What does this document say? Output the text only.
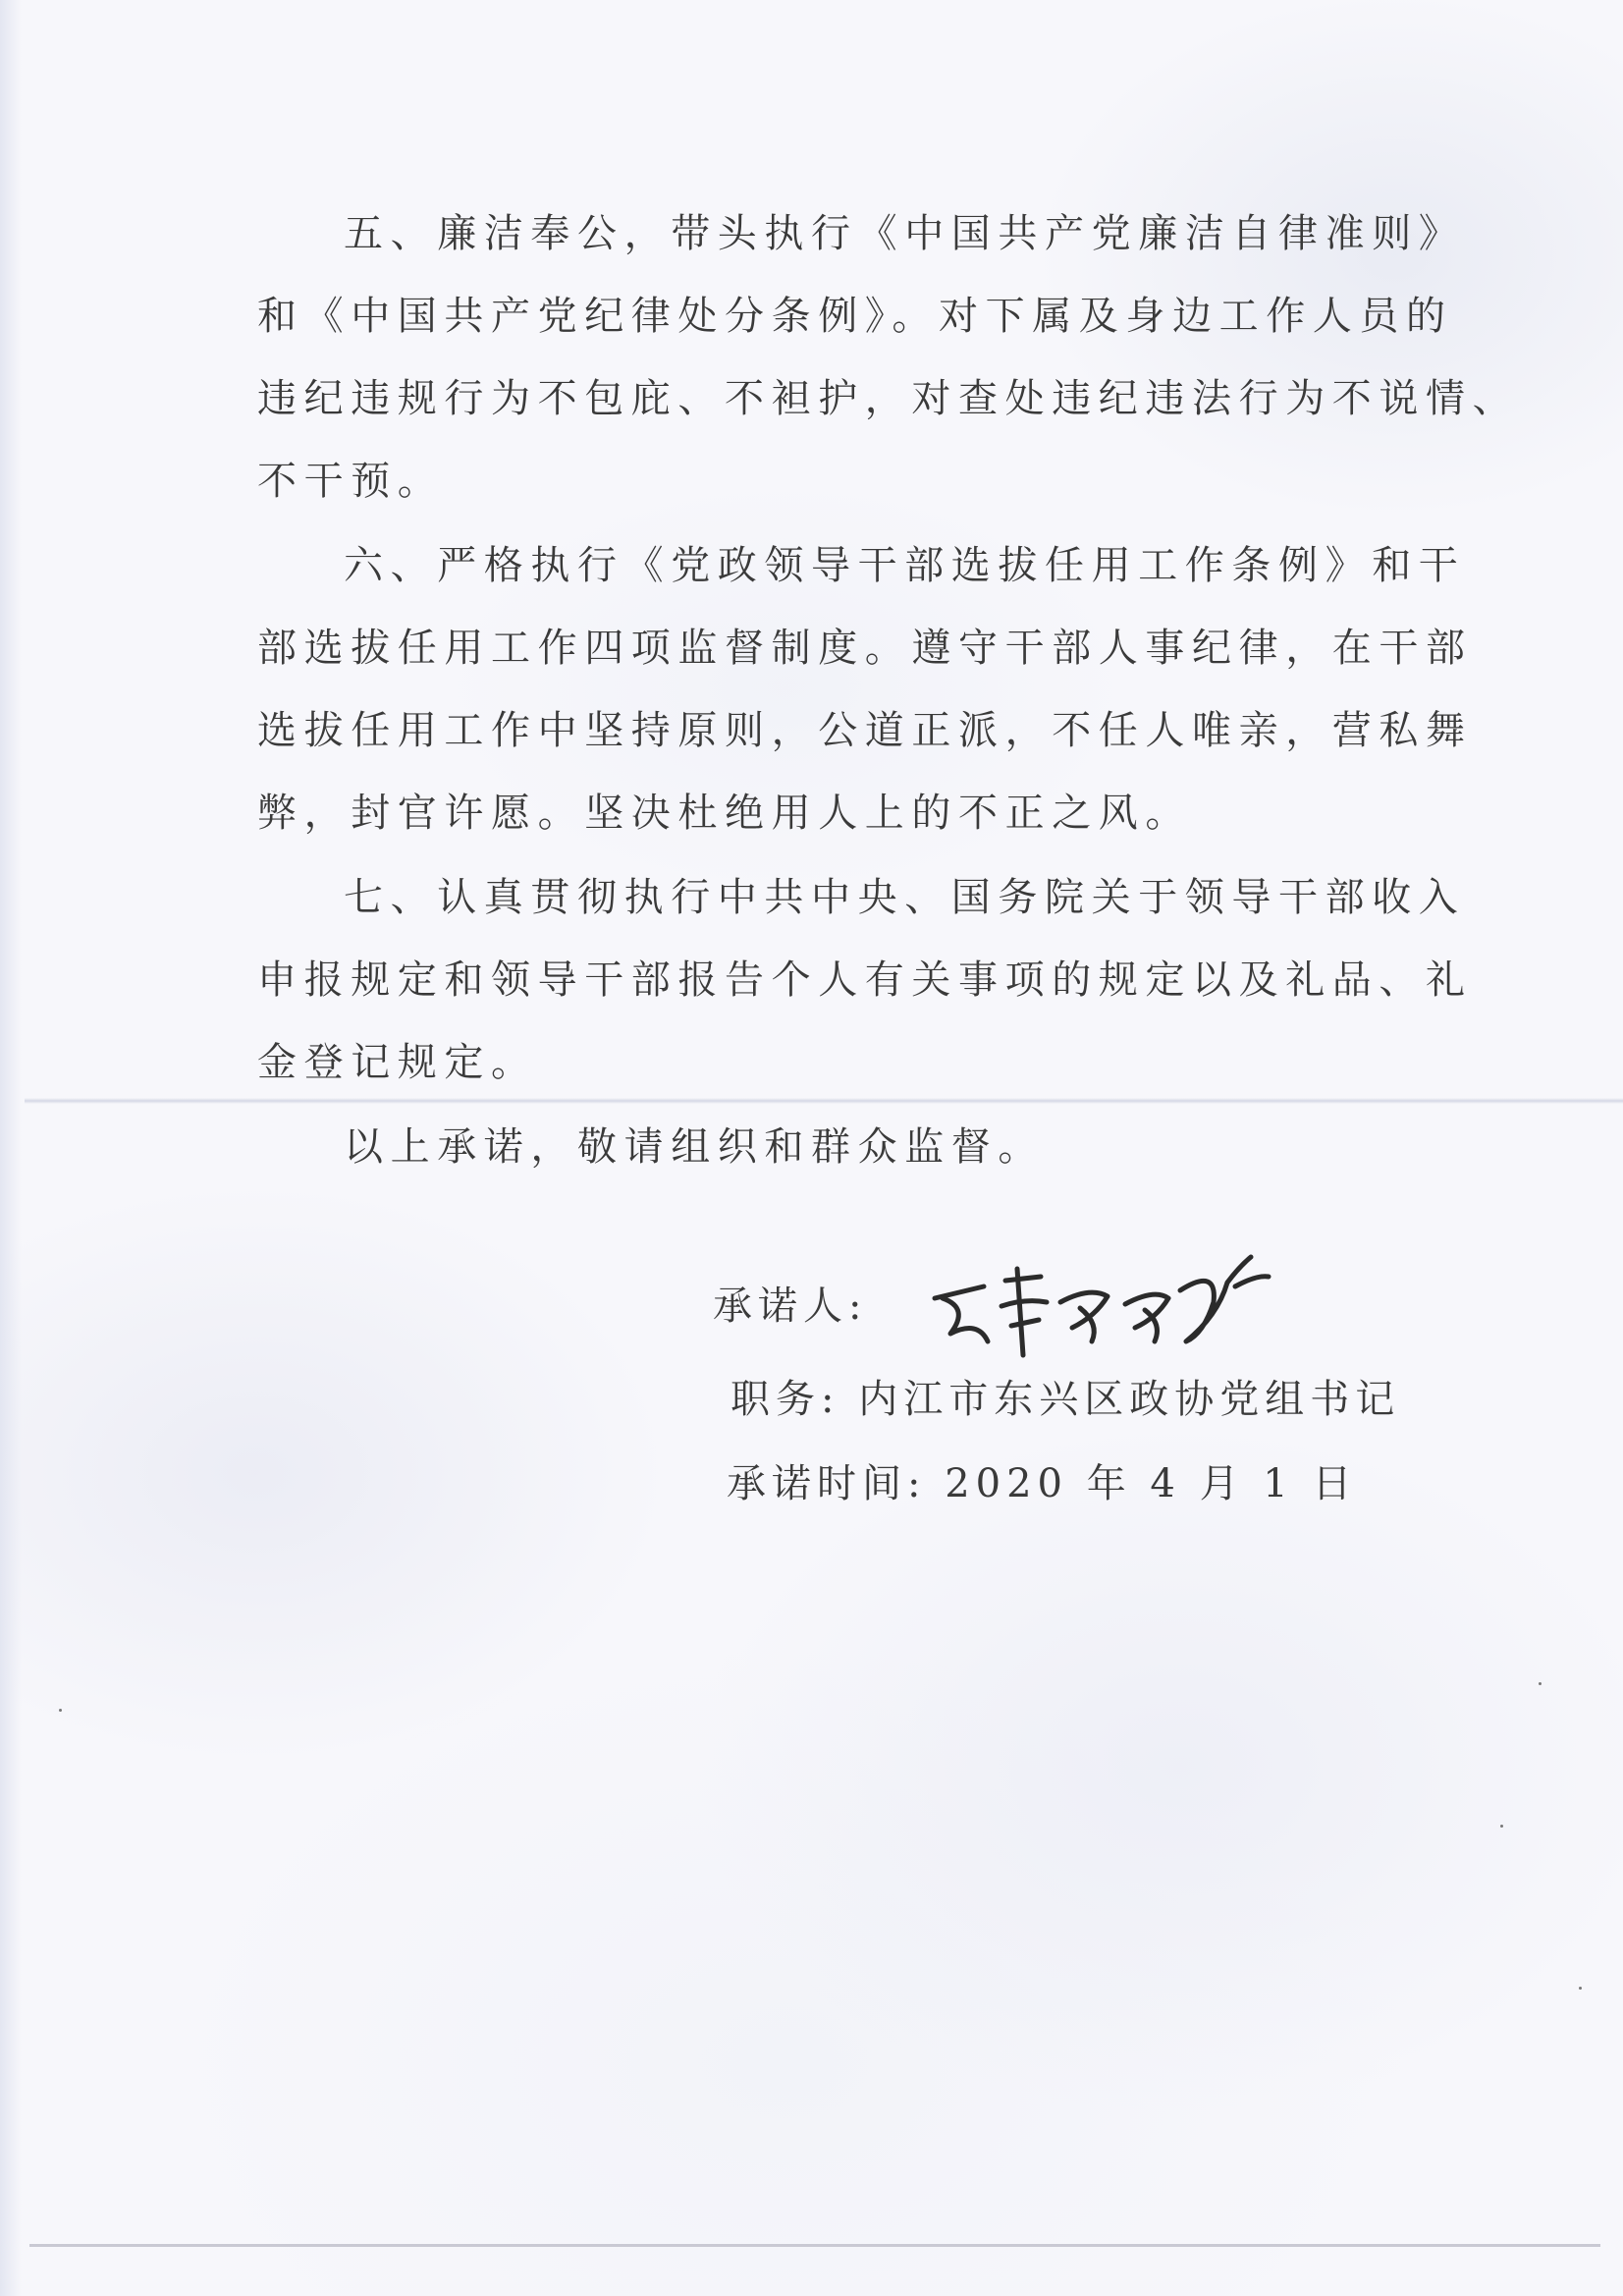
五、廉洁奉公，带头执行《中国共产党廉洁自律准则》
和《中国共产党纪律处分条例》。对下属及身边工作人员的
违纪违规行为不包庇、不袒护，对查处违纪违法行为不说情、
不干预。
六、严格执行《党政领导干部选拔任用工作条例》和干
部选拔任用工作四项监督制度。遵守干部人事纪律，在干部
选拔任用工作中坚持原则，公道正派，不任人唯亲，营私舞
弊，封官许愿。坚决杜绝用人上的不正之风。
七、认真贯彻执行中共中央、国务院关于领导干部收入
申报规定和领导干部报告个人有关事项的规定以及礼品、礼
金登记规定。
以上承诺，敬请组织和群众监督。
承诺人:
职务: 内江市东兴区政协党组书记
承诺时间: 2020 年 4 月 1 日
